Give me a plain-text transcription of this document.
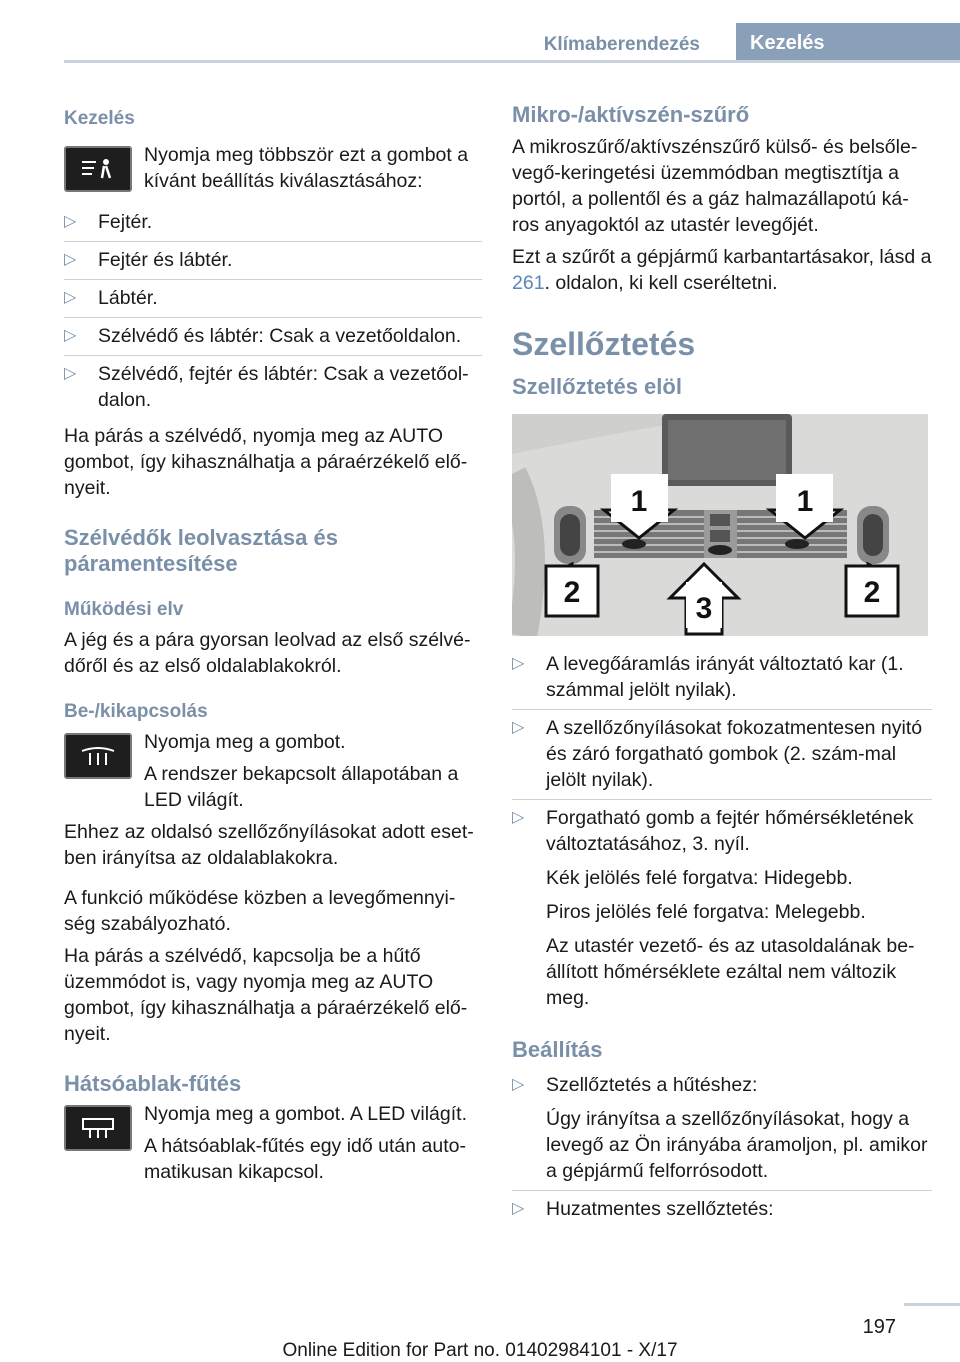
Klímaberendezés	Kezelés
Kezelés

Nyomja meg többször ezt a gombot a kívánt beállítás kiválasztásához:

▷ Fejtér.
▷ Fejtér és lábtér.
▷ Lábtér.
▷ Szélvédő és lábtér: Csak a vezetőoldalon.
▷ Szélvédő, fejtér és lábtér: Csak a vezetőol‐dalon.

Ha párás a szélvédő, nyomja meg az AUTO gombot, így kihasználhatja a páraérzékelő elő‐nyeit.

Szélvédők leolvasztása és páramentesítése
Működési elv

A jég és a pára gyorsan leolvad az első szélvé‐dőről és az első oldalablakokról.

Be-/kikapcsolás

Nyomja meg a gombot.

A rendszer bekapcsolt állapotában a LED világít.

Ehhez az oldalsó szellőzőnyílásokat adott eset‐ben irányítsa az oldalablakokra.

A funkció működése közben a levegőmennyi‐ség szabályozható.

Ha párás a szélvédő, kapcsolja be a hűtő üzemmódot is, vagy nyomja meg az AUTO gombot, így kihasználhatja a páraérzékelő elő‐nyeit.

Hátsóablak-fűtés

Nyomja meg a gombot. A LED világít.

A hátsóablak-fűtés egy idő után auto‐matikusan kikapcsol.

Mikro-/aktívszén-szűrő

A mikroszűrő/aktívszénszűrő külső- és belsőle‐vegő-keringetési üzemmódban megtisztítja a portól, a pollentől és a gáz halmazállapotú ká‐ros anyagoktól az utastér levegőjét.

Ezt a szűrőt a gépjármű karbantartásakor, lásd a 261. oldalon, ki kell cseréltetni.

Szellőztetés
Szellőztetés elöl
1	1
2	3	2
▷ A levegőáramlás irányát változtató kar (1. számmal jelölt nyilak).
▷ A szellőzőnyílásokat fokozatmentesen nyitó és záró forgatható gombok (2. szám‐mal jelölt nyilak).
▷ Forgatható gomb a fejtér hőmérsékletének változtatásához, 3. nyíl.

Kék jelölés felé forgatva: Hidegebb.

Piros jelölés felé forgatva: Melegebb.

Az utastér vezető- és az utasoldalának be‐állított hőmérséklete ezáltal nem változik meg.

Beállítás
▷ Szellőztetés a hűtéshez:

Úgy irányítsa a szellőzőnyílásokat, hogy a levegő az Ön irányába áramoljon, pl. amikor a gépjármű felforrósodott.

▷ Huzatmentes szellőztetés:
197
Online Edition for Part no. 01402984101 - X/17
